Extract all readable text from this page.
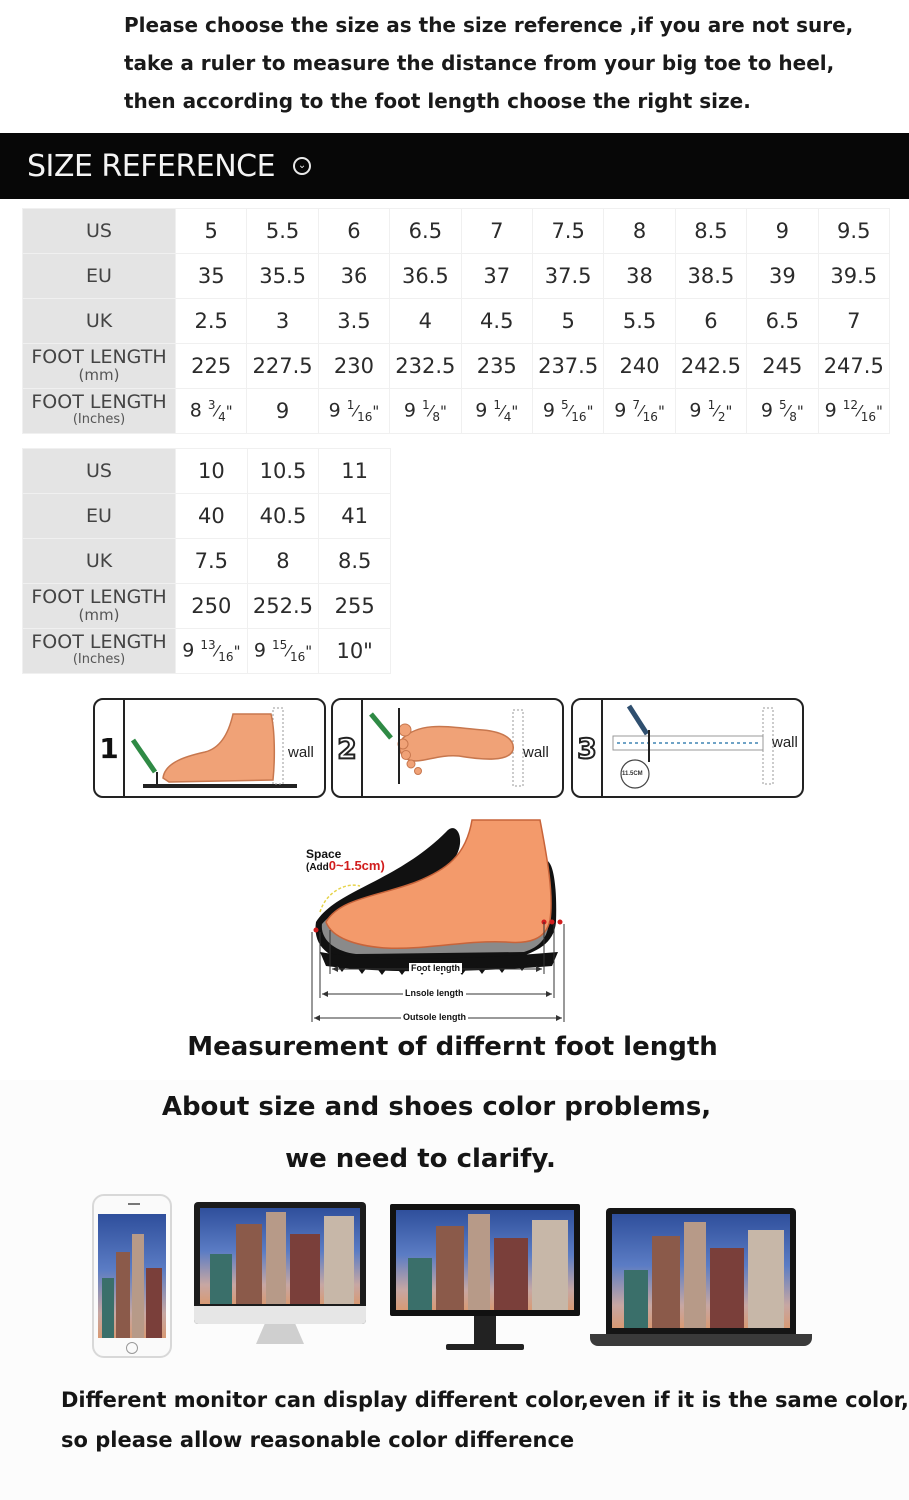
Please choose the size as the size reference ,if you are not sure,
take a ruler to measure the distance from your big toe to heel,
then according to the foot length choose the right size.
SIZE REFERENCE	⌄
US	5	5.5	6	6.5	7	7.5	8	8.5	9	9.5
EU	35	35.5	36	36.5	37	37.5	38	38.5	39	39.5
UK	2.5	3	3.5	4	4.5	5	5.5	6	6.5	7
FOOT LENGTH
(mm)	225	227.5	230	232.5	235	237.5	240	242.5	245	247.5
FOOT LENGTH
(Inches)	8 $^3⁄_4$"	9	9 $^1⁄_{16}$"	9 $^1⁄_8$"	9 $^1⁄_4$"	9 $^5⁄_{16}$"	9 $^7⁄_{16}$"	9 $^1⁄_2$"	9 $^5⁄_8$"	9 $^{12}⁄_{16}$"
US	10	10.5	11
EU	40	40.5	41
UK	7.5	8	8.5
FOOT LENGTH
(mm)	250	252.5	255
FOOT LENGTH
(Inches)	9 $^{13}⁄_{16}$"	9 $^{15}⁄_{16}$"	10"
1	wall 2	wall 3
11.5CM
wall
Space
(Add0~1.5cm)
Foot length
Lnsole length
Outsole length
Measurement of differnt foot length
About size and shoes color problems,
we need to clarify.
Different monitor can display different color,even if it is the same color,
so please allow reasonable color difference
